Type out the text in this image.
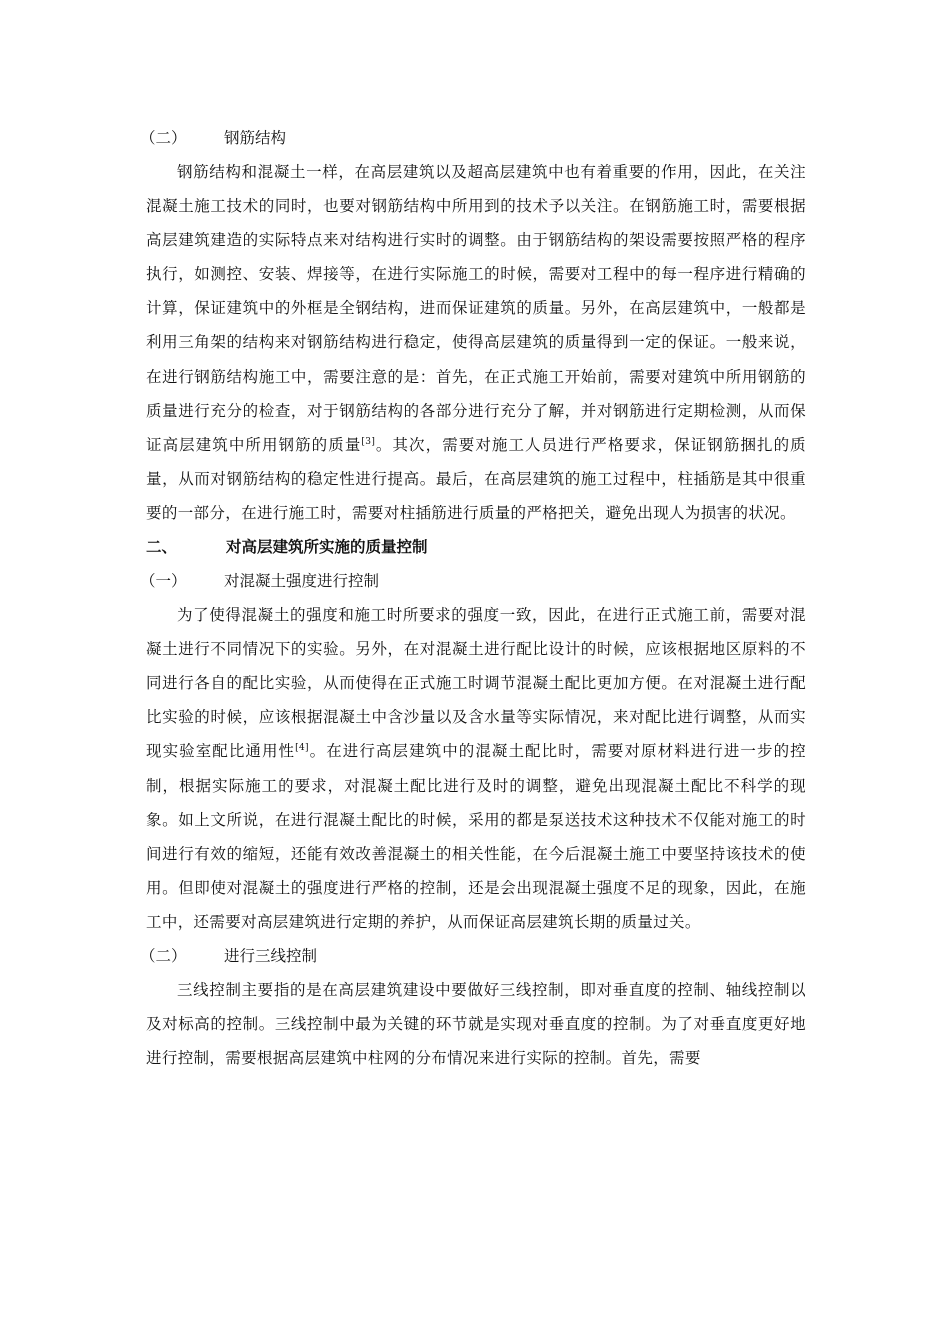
（二） 钢筋结构

钢筋结构和混凝土一样，在高层建筑以及超高层建筑中也有着重要的作用，因此，在关注混凝土施工技术的同时，也要对钢筋结构中所用到的技术予以关注。在钢筋施工时，需要根据高层建筑建造的实际特点来对结构进行实时的调整。由于钢筋结构的架设需要按照严格的程序执行，如测控、安装、焊接等，在进行实际施工的时候，需要对工程中的每一程序进行精确的计算，保证建筑中的外框是全钢结构，进而保证建筑的质量。另外，在高层建筑中，一般都是利用三角架的结构来对钢筋结构进行稳定，使得高层建筑的质量得到一定的保证。一般来说，在进行钢筋结构施工中，需要注意的是：首先，在正式施工开始前，需要对建筑中所用钢筋的质量进行充分的检查，对于钢筋结构的各部分进行充分了解，并对钢筋进行定期检测，从而保证高层建筑中所用钢筋的质量[3]。其次，需要对施工人员进行严格要求，保证钢筋捆扎的质量，从而对钢筋结构的稳定性进行提高。最后，在高层建筑的施工过程中，柱插筋是其中很重要的一部分，在进行施工时，需要对柱插筋进行质量的严格把关，避免出现人为损害的状况。

二、	对高层建筑所实施的质量控制
（一） 对混凝土强度进行控制

为了使得混凝土的强度和施工时所要求的强度一致，因此，在进行正式施工前，需要对混凝土进行不同情况下的实验。另外，在对混凝土进行配比设计的时候，应该根据地区原料的不同进行各自的配比实验，从而使得在正式施工时调节混凝土配比更加方便。在对混凝土进行配比实验的时候，应该根据混凝土中含沙量以及含水量等实际情况，来对配比进行调整，从而实现实验室配比通用性[4]。在进行高层建筑中的混凝土配比时，需要对原材料进行进一步的控制，根据实际施工的要求，对混凝土配比进行及时的调整，避免出现混凝土配比不科学的现象。如上文所说，在进行混凝土配比的时候，采用的都是泵送技术这种技术不仅能对施工的时间进行有效的缩短，还能有效改善混凝土的相关性能，在今后混凝土施工中要坚持该技术的使用。但即使对混凝土的强度进行严格的控制，还是会出现混凝土强度不足的现象，因此，在施工中，还需要对高层建筑进行定期的养护，从而保证高层建筑长期的质量过关。

（二） 进行三线控制

三线控制主要指的是在高层建筑建设中要做好三线控制，即对垂直度的控制、轴线控制以及对标高的控制。三线控制中最为关键的环节就是实现对垂直度的控制。为了对垂直度更好地进行控制，需要根据高层建筑中柱网的分布情况来进行实际的控制。首先，需要
